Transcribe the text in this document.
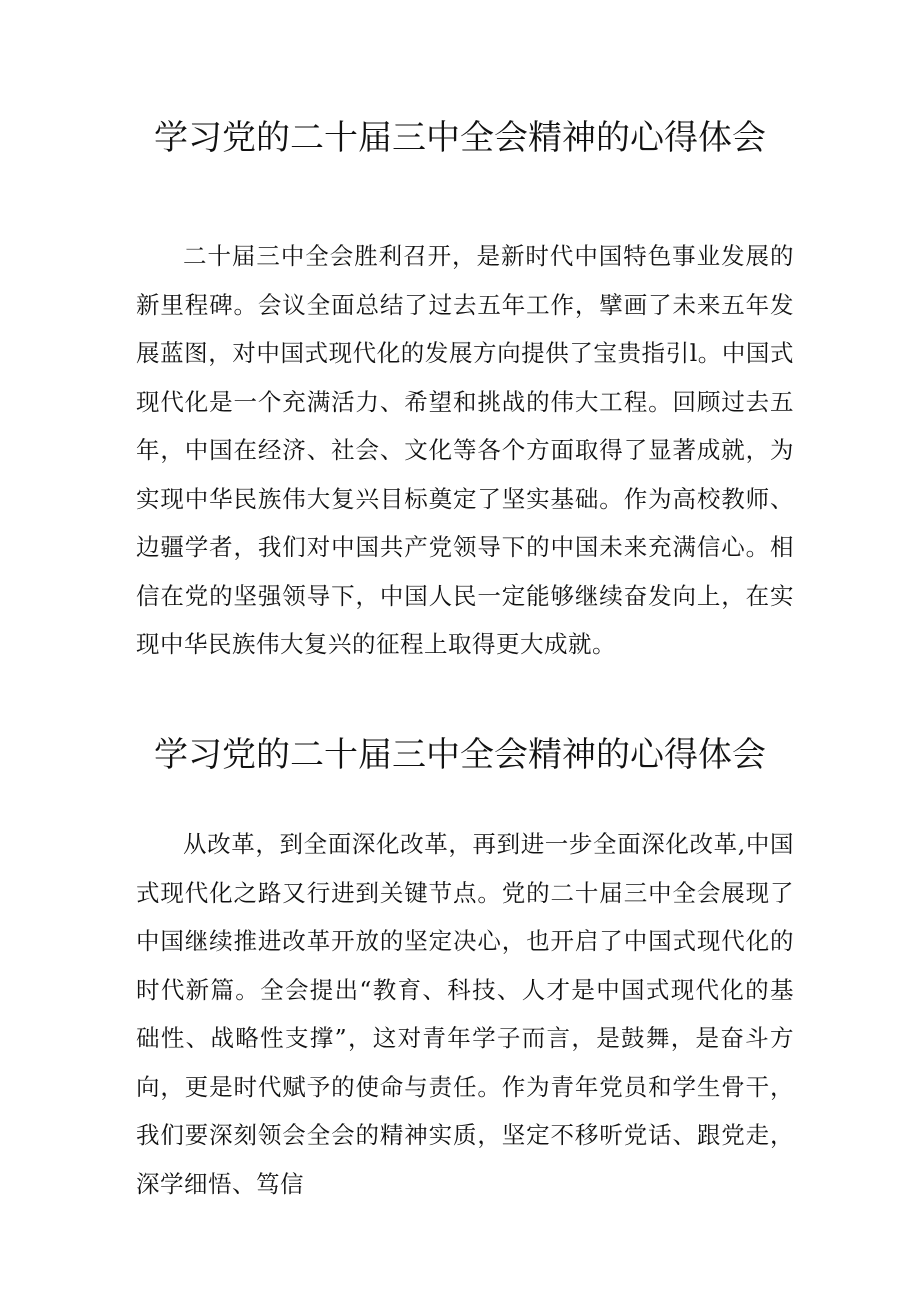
学习党的二十届三中全会精神的心得体会

二十届三中全会胜利召开，是新时代中国特色事业发展的新里程碑。会议全面总结了过去五年工作，擘画了未来五年发展蓝图，对中国式现代化的发展方向提供了宝贵指引l。中国式现代化是一个充满活力、希望和挑战的伟大工程。回顾过去五年，中国在经济、社会、文化等各个方面取得了显著成就，为实现中华民族伟大复兴目标奠定了坚实基础。作为高校教师、边疆学者，我们对中国共产党领导下的中国未来充满信心。相信在党的坚强领导下，中国人民一定能够继续奋发向上，在实现中华民族伟大复兴的征程上取得更大成就。

学习党的二十届三中全会精神的心得体会

从改革，到全面深化改革，再到进一步全面深化改革,中国式现代化之路又行进到关键节点。党的二十届三中全会展现了中国继续推进改革开放的坚定决心，也开启了中国式现代化的时代新篇。全会提出“教育、科技、人才是中国式现代化的基础性、战略性支撑”，这对青年学子而言，是鼓舞，是奋斗方向，更是时代赋予的使命与责任。作为青年党员和学生骨干，我们要深刻领会全会的精神实质，坚定不移听党话、跟党走，深学细悟、笃信
